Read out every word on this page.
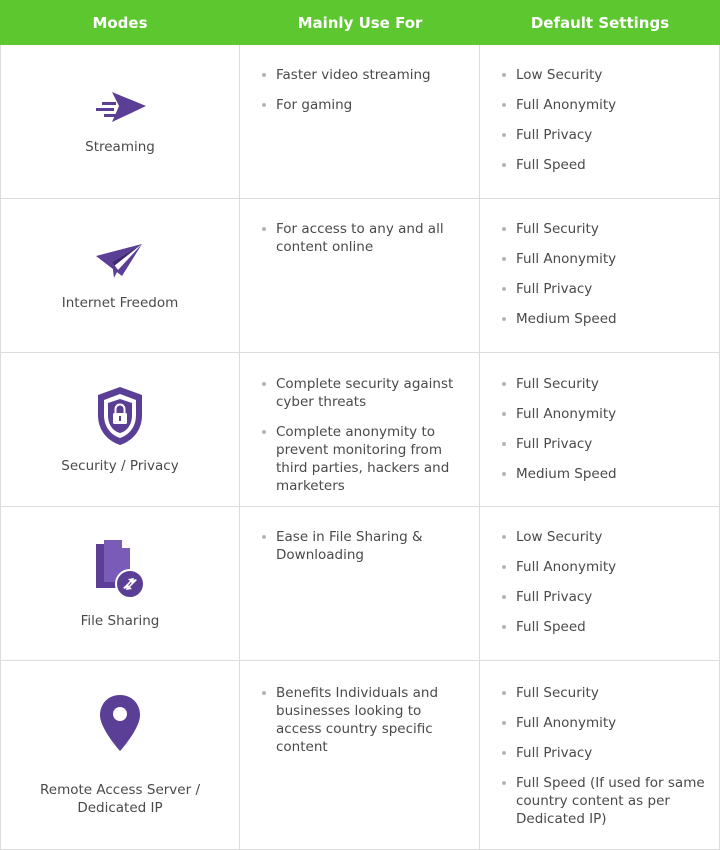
Modes	Mainly Use For	Default Settings
Streaming
Faster video streaming
For gaming
Low Security
Full Anonymity
Full Privacy
Full Speed
Internet Freedom
For access to any and all content online
Full Security
Full Anonymity
Full Privacy
Medium Speed
Security / Privacy
Complete security against cyber threats
Complete anonymity to prevent monitoring from third parties, hackers and marketers
Full Security
Full Anonymity
Full Privacy
Medium Speed
File Sharing
Ease in File Sharing & Downloading
Low Security
Full Anonymity
Full Privacy
Full Speed
Remote Access Server / Dedicated IP
Benefits Individuals and businesses looking to access country specific content
Full Security
Full Anonymity
Full Privacy
Full Speed (If used for same country content as per Dedicated IP)
